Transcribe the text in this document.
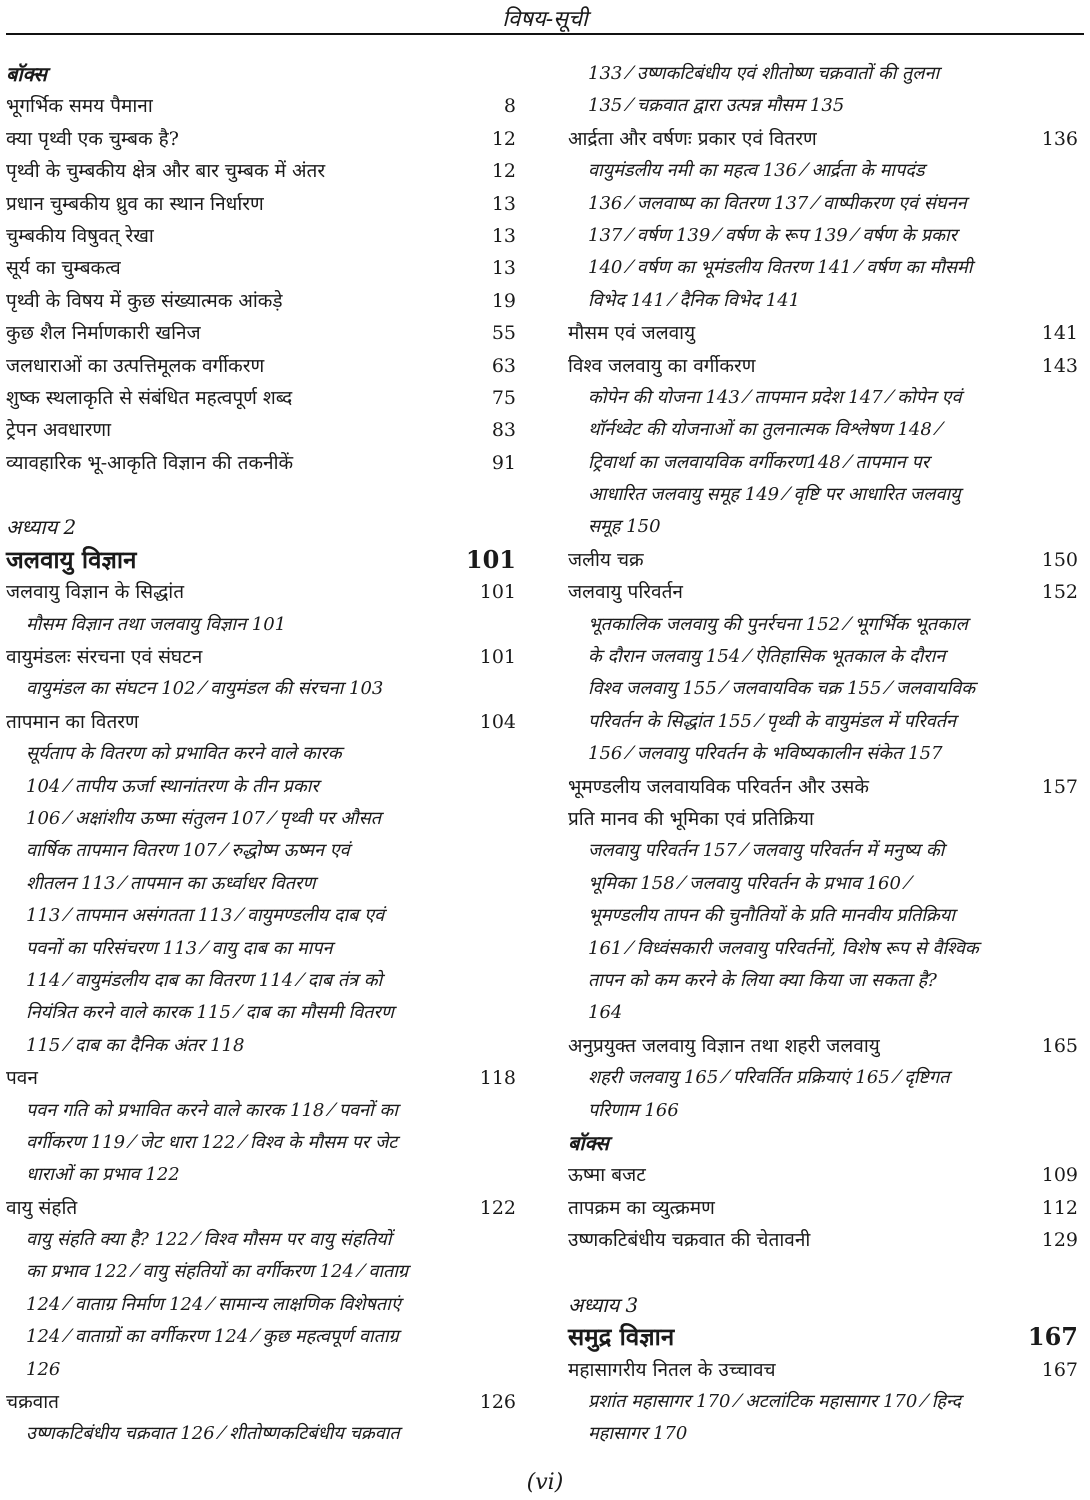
विषय-सूची
बॉक्स
भूगर्भिक समय पैमाना	8
क्या पृथ्वी एक चुम्बक है?	12
पृथ्वी के चुम्बकीय क्षेत्र और बार चुम्बक में अंतर	12
प्रधान चुम्बकीय ध्रुव का स्थान निर्धारण	13
चुम्बकीय विषुवत् रेखा	13
सूर्य का चुम्बकत्व	13
पृथ्वी के विषय में कुछ संख्यात्मक आंकड़े	19
कुछ शैल निर्माणकारी खनिज	55
जलधाराओं का उत्पत्तिमूलक वर्गीकरण	63
शुष्क स्थलाकृति से संबंधित महत्वपूर्ण शब्द	75
ट्रेपन अवधारणा	83
व्यावहारिक भू-आकृति विज्ञान की तकनीकें	91
अध्याय 2
जलवायु विज्ञान	101
जलवायु विज्ञान के सिद्धांत	101
मौसम विज्ञान तथा जलवायु विज्ञान 101
वायुमंडलः संरचना एवं संघटन	101
वायुमंडल का संघटन 102 ⁄ वायुमंडल की संरचना 103
तापमान का वितरण	104
सूर्यताप के वितरण को प्रभावित करने वाले कारक
104 ⁄ तापीय ऊर्जा स्थानांतरण के तीन प्रकार
106 ⁄ अक्षांशीय ऊष्मा संतुलन 107 ⁄ पृथ्वी पर औसत
वार्षिक तापमान वितरण 107 ⁄ रुद्धोष्म ऊष्मन एवं
शीतलन 113 ⁄ तापमान का ऊर्ध्वाधर वितरण
113 ⁄ तापमान असंगतता 113 ⁄ वायुमण्डलीय दाब एवं
पवनों का परिसंचरण 113 ⁄ वायु दाब का मापन
114 ⁄ वायुमंडलीय दाब का वितरण 114 ⁄ दाब तंत्र को
नियंत्रित करने वाले कारक 115 ⁄ दाब का मौसमी वितरण
115 ⁄ दाब का दैनिक अंतर 118
पवन	118
पवन गति को प्रभावित करने वाले कारक 118 ⁄ पवनों का
वर्गीकरण 119 ⁄ जेट धारा 122 ⁄ विश्व के मौसम पर जेट
धाराओं का प्रभाव 122
वायु संहति	122
वायु संहति क्या है? 122 ⁄ विश्व मौसम पर वायु संहतियों
का प्रभाव 122 ⁄ वायु संहतियों का वर्गीकरण 124 ⁄ वाताग्र
124 ⁄ वाताग्र निर्माण 124 ⁄ सामान्य लाक्षणिक विशेषताएं
124 ⁄ वाताग्रों का वर्गीकरण 124 ⁄ कुछ महत्वपूर्ण वाताग्र
126
चक्रवात	126
उष्णकटिबंधीय चक्रवात 126 ⁄ शीतोष्णकटिबंधीय चक्रवात
133 ⁄ उष्णकटिबंधीय एवं शीतोष्ण चक्रवातों की तुलना
135 ⁄ चक्रवात द्वारा उत्पन्न मौसम 135
आर्द्रता और वर्षणः प्रकार एवं वितरण	136
वायुमंडलीय नमी का महत्व 136 ⁄ आर्द्रता के मापदंड
136 ⁄ जलवाष्प का वितरण 137 ⁄ वाष्पीकरण एवं संघनन
137 ⁄ वर्षण 139 ⁄ वर्षण के रूप 139 ⁄ वर्षण के प्रकार
140 ⁄ वर्षण का भूमंडलीय वितरण 141 ⁄ वर्षण का मौसमी
विभेद 141 ⁄ दैनिक विभेद 141
मौसम एवं जलवायु	141
विश्व जलवायु का वर्गीकरण	143
कोपेन की योजना 143 ⁄ तापमान प्रदेश 147 ⁄ कोपेन एवं
थॉर्नथ्वेट की योजनाओं का तुलनात्मक विश्लेषण 148 ⁄
ट्रिवार्था का जलवायविक वर्गीकरण148 ⁄ तापमान पर
आधारित जलवायु समूह 149 ⁄ वृष्टि पर आधारित जलवायु
समूह 150
जलीय चक्र	150
जलवायु परिवर्तन	152
भूतकालिक जलवायु की पुनर्रचना 152 ⁄ भूगर्भिक भूतकाल
के दौरान जलवायु 154 ⁄ ऐतिहासिक भूतकाल के दौरान
विश्व जलवायु 155 ⁄ जलवायविक चक्र 155 ⁄ जलवायविक
परिवर्तन के सिद्धांत 155 ⁄ पृथ्वी के वायुमंडल में परिवर्तन
156 ⁄ जलवायु परिवर्तन के भविष्यकालीन संकेत 157
भूमण्डलीय जलवायविक परिवर्तन और उसके	157
प्रति मानव की भूमिका एवं प्रतिक्रिया
जलवायु परिवर्तन 157 ⁄ जलवायु परिवर्तन में मनुष्य की
भूमिका 158 ⁄ जलवायु परिवर्तन के प्रभाव 160 ⁄
भूमण्डलीय तापन की चुनौतियों के प्रति मानवीय प्रतिक्रिया
161 ⁄ विध्वंसकारी जलवायु परिवर्तनों, विशेष रूप से वैश्विक
तापन को कम करने के लिया क्या किया जा सकता है?
164
अनुप्रयुक्त जलवायु विज्ञान तथा शहरी जलवायु	165
शहरी जलवायु 165 ⁄ परिवर्तित प्रक्रियाएं 165 ⁄ दृष्टिगत
परिणाम 166
बॉक्स
ऊष्मा बजट	109
तापक्रम का व्युत्क्रमण	112
उष्णकटिबंधीय चक्रवात की चेतावनी	129
अध्याय 3
समुद्र विज्ञान	167
महासागरीय नितल के उच्चावच	167
प्रशांत महासागर 170 ⁄ अटलांटिक महासागर 170 ⁄ हिन्द
महासागर 170
(vi)
